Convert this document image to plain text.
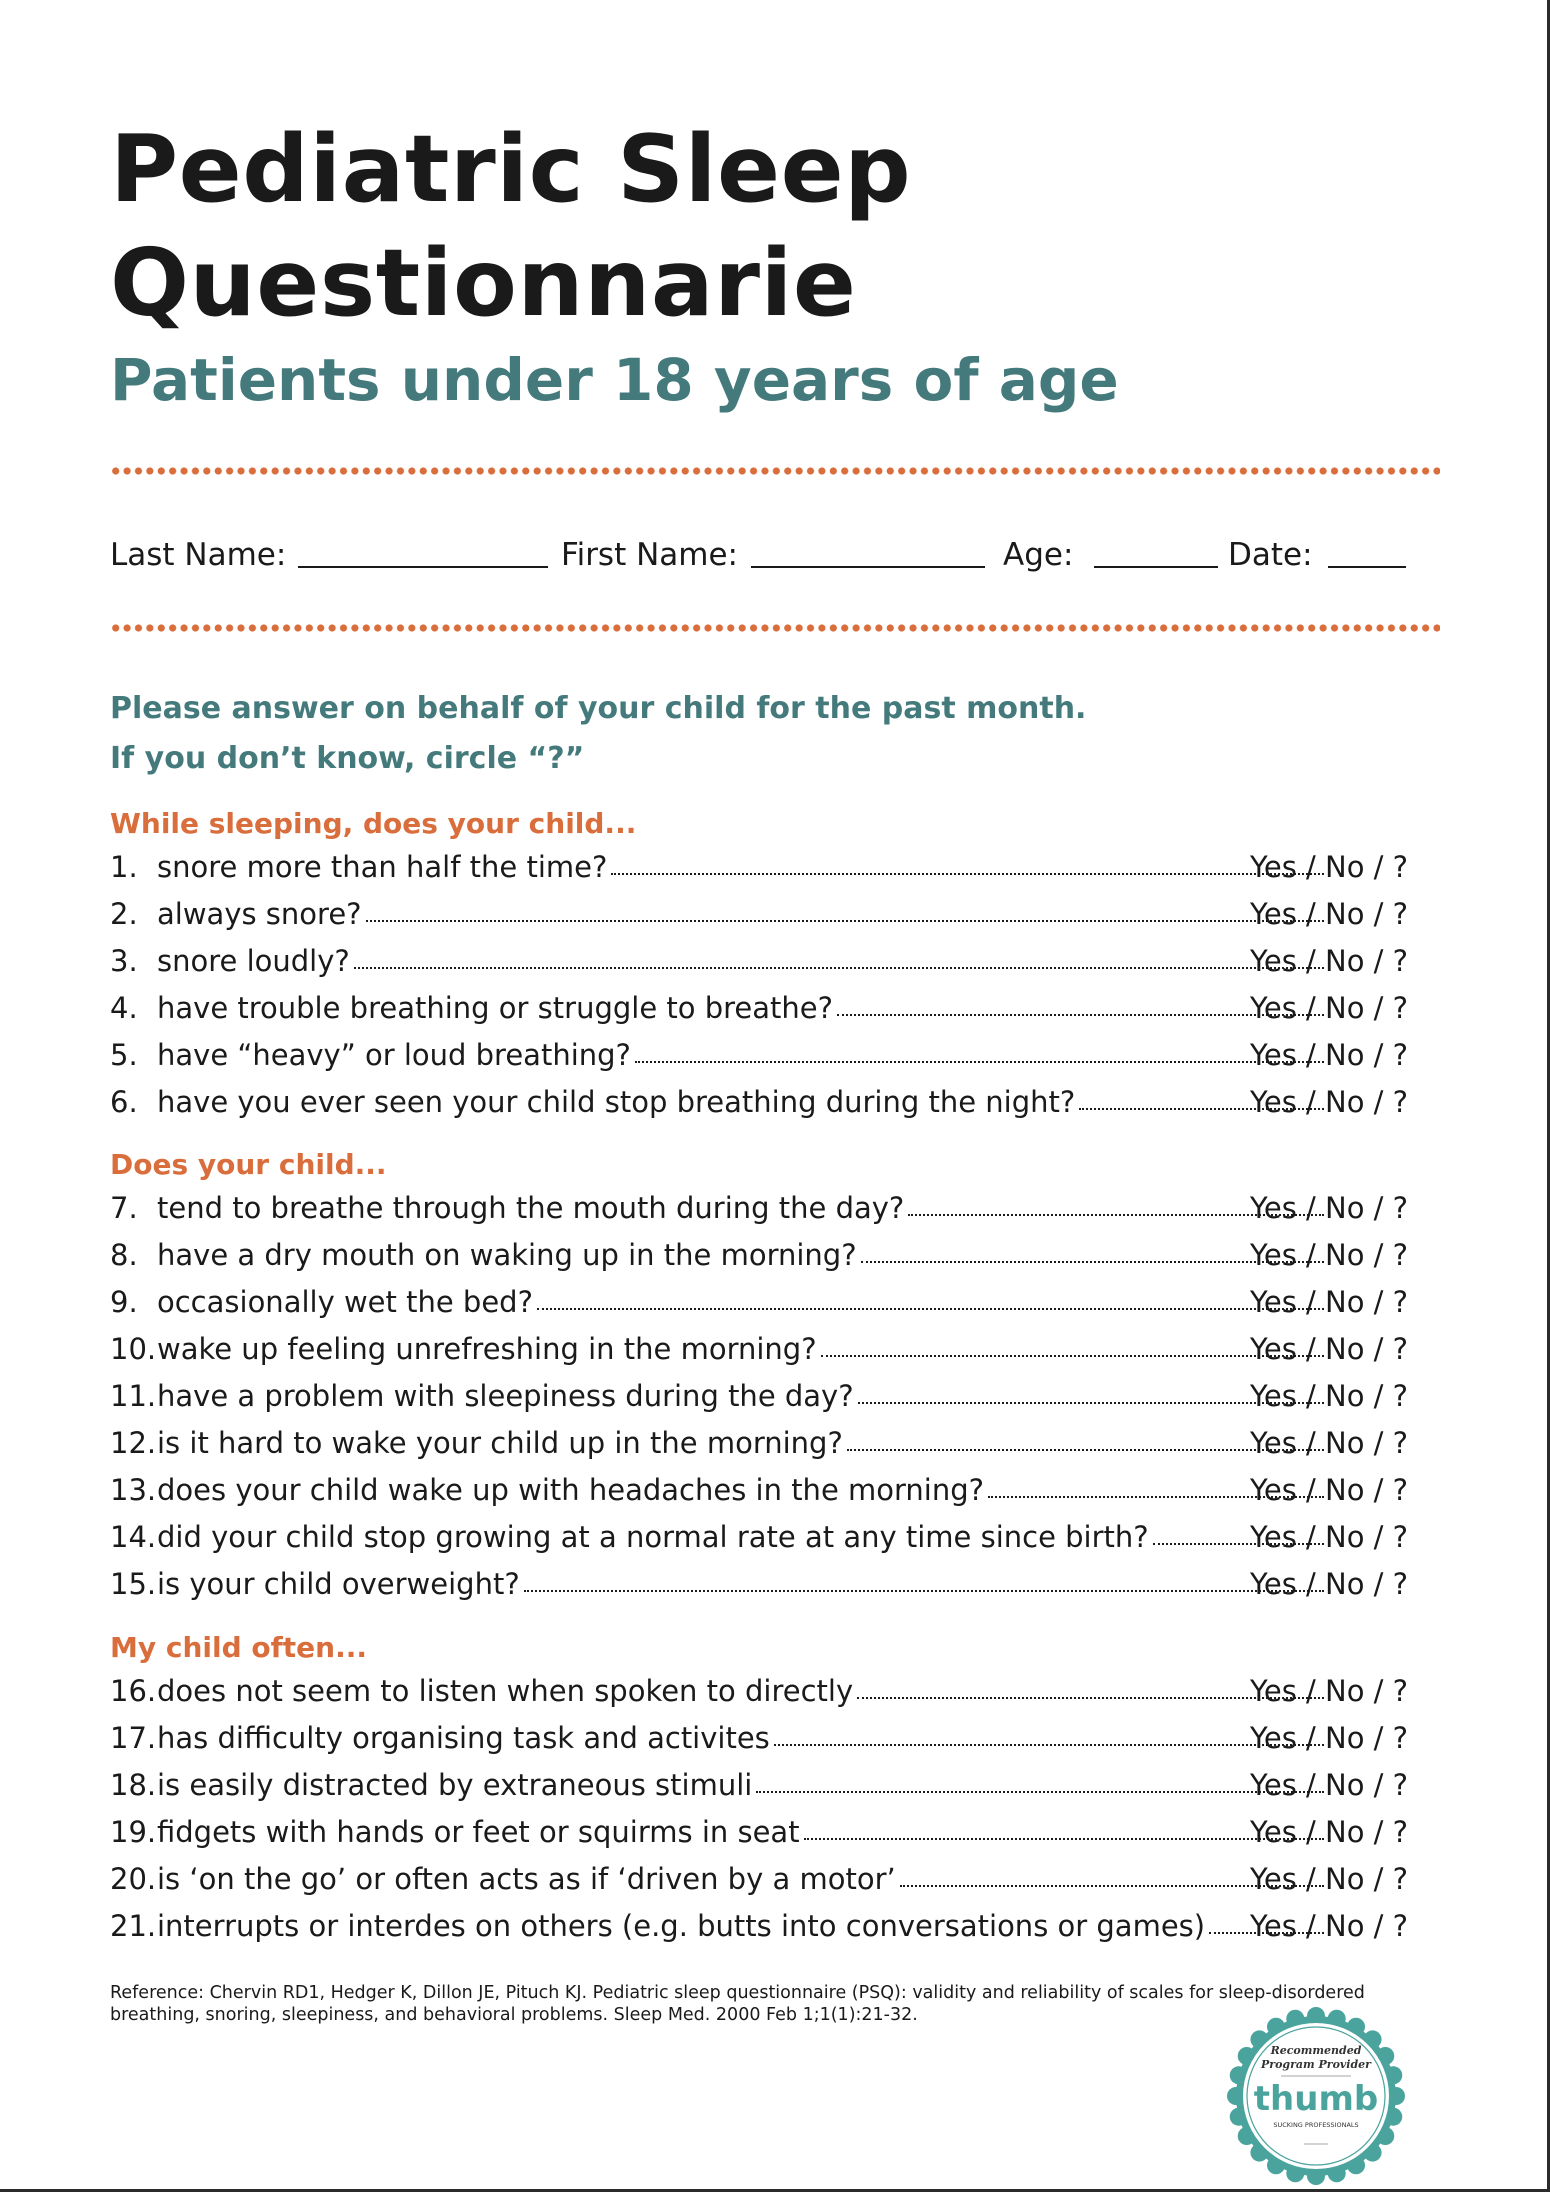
Pediatric Sleep
Questionnarie
Patients under 18 years of age
Last Name:	First Name:	Age:	Date:
Please answer on behalf of your child for the past month.
If you don’t know, circle “?”
While sleeping, does your child...
1. snore more than half the time?	Yes / No / ?
2. always snore?	Yes / No / ?
3. snore loudly?	Yes / No / ?
4. have trouble breathing or struggle to breathe?	Yes / No / ?
5. have “heavy” or loud breathing?	Yes / No / ?
6. have you ever seen your child stop breathing during the night?	Yes / No / ?
Does your child...
7. tend to breathe through the mouth during the day?	Yes / No / ?
8. have a dry mouth on waking up in the morning?	Yes / No / ?
9. occasionally wet the bed?	Yes / No / ?
10. wake up feeling unrefreshing in the morning?	Yes / No / ?
11. have a problem with sleepiness during the day?	Yes / No / ?
12. is it hard to wake your child up in the morning?	Yes / No / ?
13. does your child wake up with headaches in the morning?	Yes / No / ?
14. did your child stop growing at a normal rate at any time since birth?	Yes / No / ?
15. is your child overweight?	Yes / No / ?
My child often...
16. does not seem to listen when spoken to directly	Yes / No / ?
17. has difficulty organising task and activites	Yes / No / ?
18. is easily distracted by extraneous stimuli	Yes / No / ?
19. fidgets with hands or feet or squirms in seat	Yes / No / ?
20. is ‘on the go’ or often acts as if ‘driven by a motor’	Yes / No / ?
21. interrupts or interdes on others (e.g. butts into conversations or games) Yes / No / ?
Reference: Chervin RD1, Hedger K, Dillon JE, Pituch KJ. Pediatric sleep questionnaire (PSQ): validity and reliability of scales for sleep-disordered breathing, snoring, sleepiness, and behavioral problems. Sleep Med. 2000 Feb 1;1(1):21-32.
Recommended
Program Provider
thumb
SUCKING PROFESSIONALS
